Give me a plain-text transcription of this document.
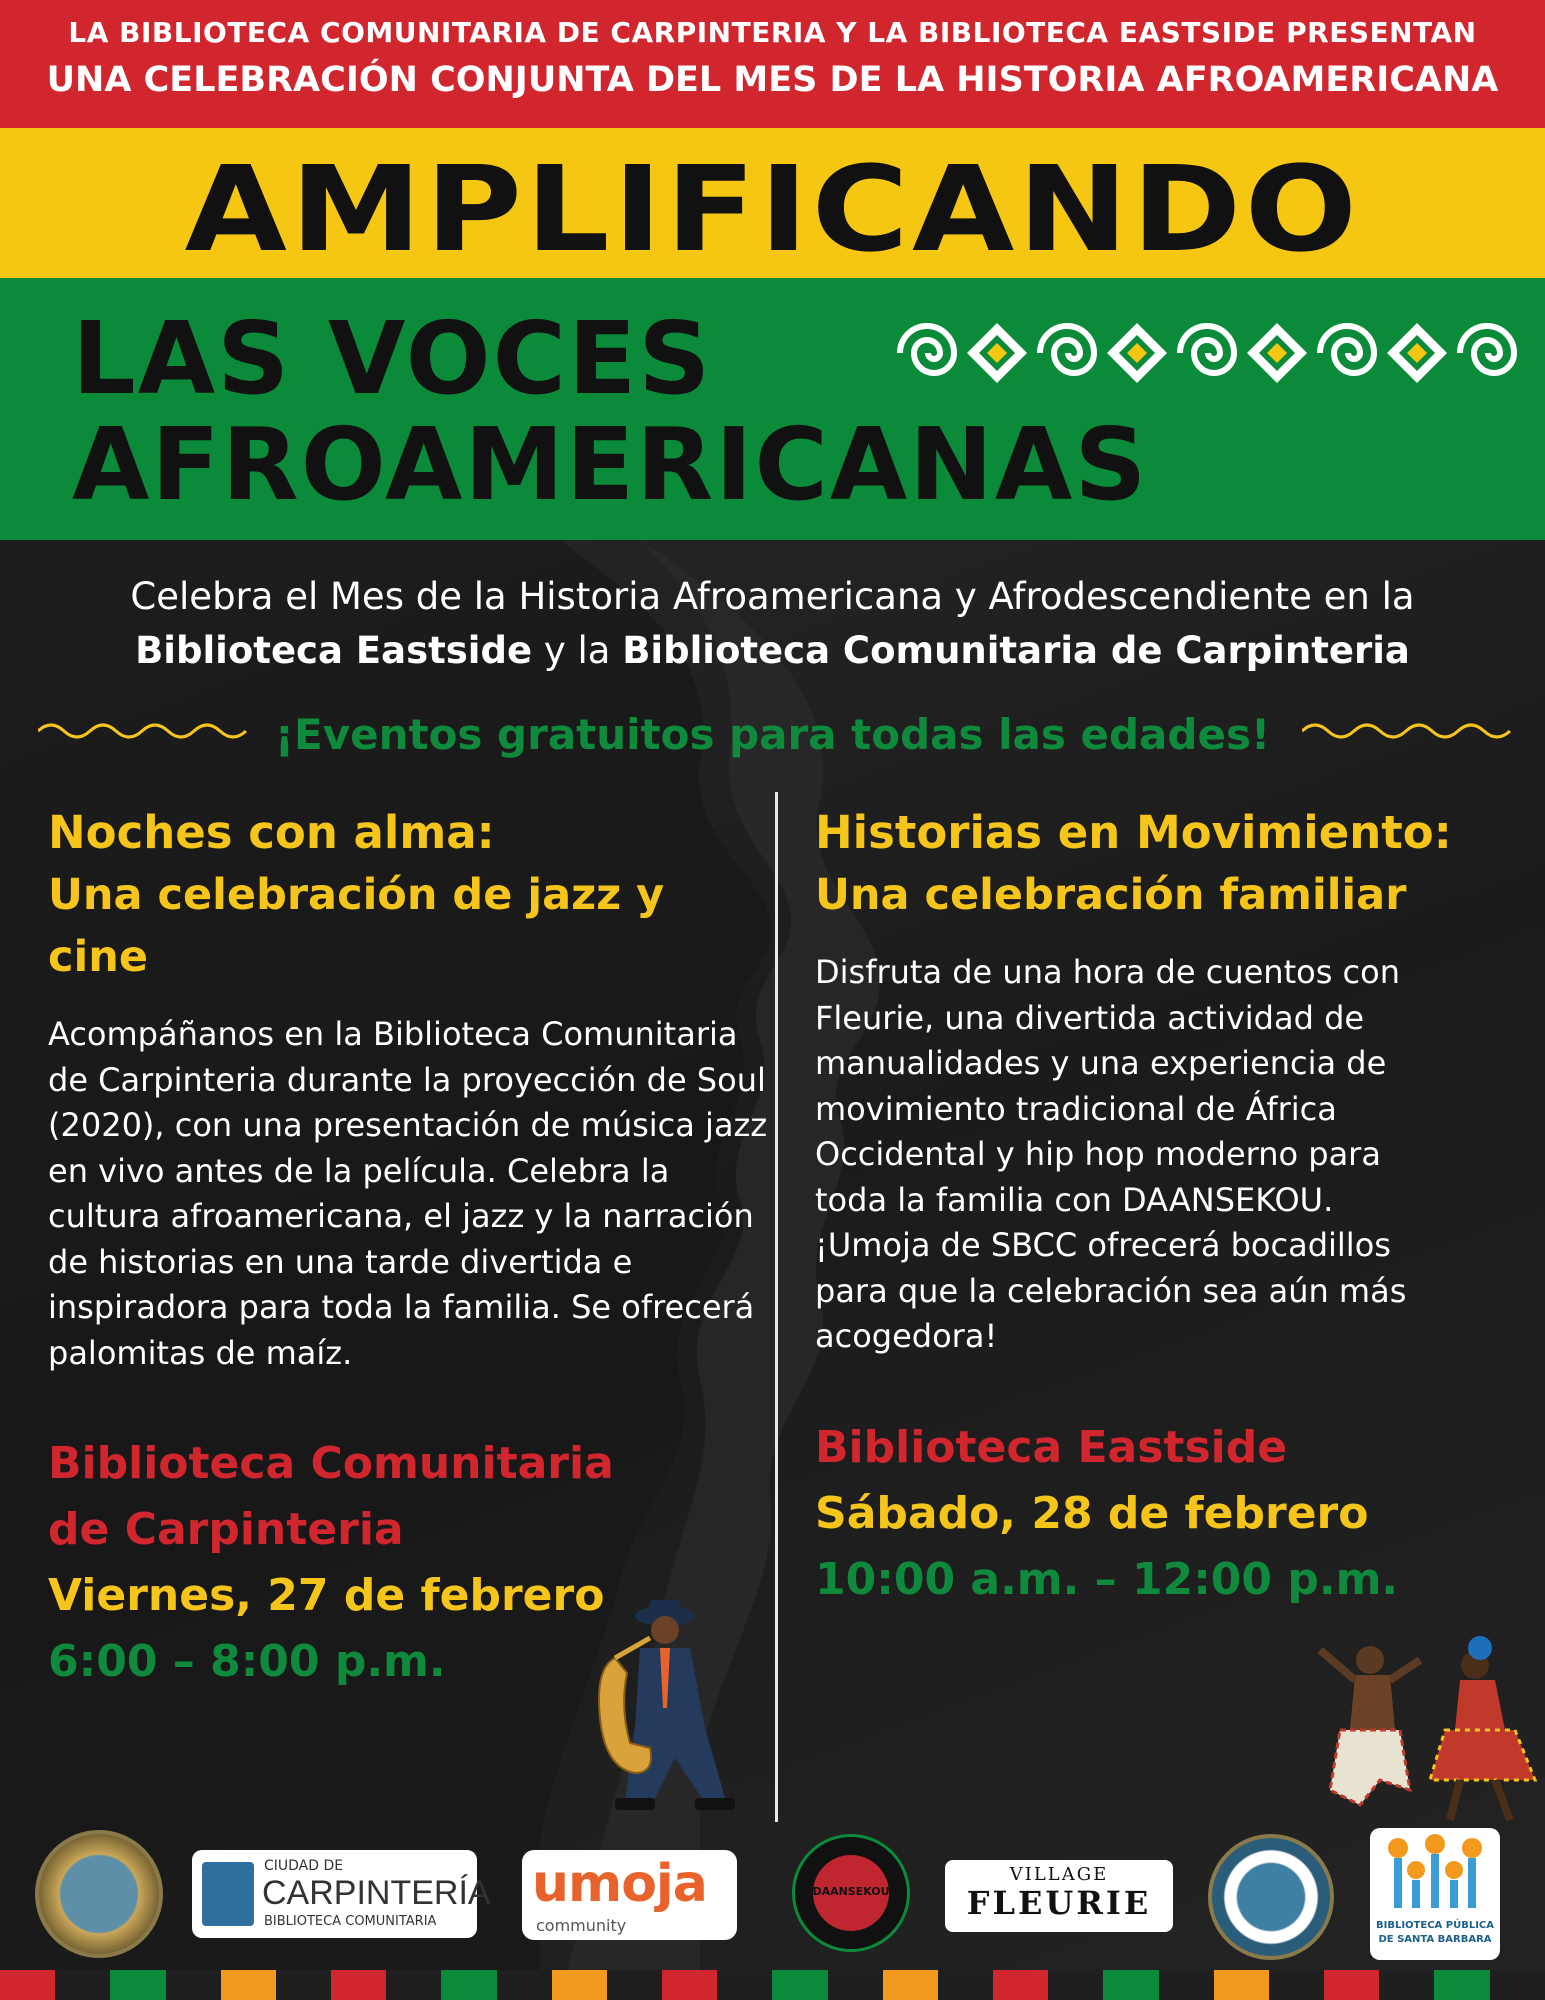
LA BIBLIOTECA COMUNITARIA DE CARPINTERIA Y LA BIBLIOTECA EASTSIDE PRESENTAN
UNA CELEBRACIÓN CONJUNTA DEL MES DE LA HISTORIA AFROAMERICANA
AMPLIFICANDO
LAS VOCES
AFROAMERICANAS
Celebra el Mes de la Historia Afroamericana y Afrodescendiente en la Biblioteca Eastside y la Biblioteca Comunitaria de Carpinteria
¡Eventos gratuitos para todas las edades!
Noches con alma:
Una celebración de jazz y cine
Acompáñanos en la Biblioteca Comunitaria de Carpinteria durante la proyección de Soul (2020), con una presentación de música jazz en vivo antes de la película. Celebra la cultura afroamericana, el jazz y la narración de historias en una tarde divertida e inspiradora para toda la familia. Se ofrecerá palomitas de maíz.
Biblioteca Comunitaria de Carpinteria
Viernes, 27 de febrero
6:00 – 8:00 p.m.
Historias en Movimiento:
Una celebración familiar
Disfruta de una hora de cuentos con Fleurie, una divertida actividad de manualidades y una experiencia de movimiento tradicional de África Occidental y hip hop moderno para toda la familia con DAANSEKOU. ¡Umoja de SBCC ofrecerá bocadillos para que la celebración sea aún más acogedora!
Biblioteca Eastside
Sábado, 28 de febrero
10:00 a.m. – 12:00 p.m.
CIUDAD DE
CARPINTERÍA
BIBLIOTECA COMUNITARIA
umoja
community
DAANSEKOU
VILLAGE
FLEURIE
BIBLIOTECA PÚBLICA
DE SANTA BARBARA
